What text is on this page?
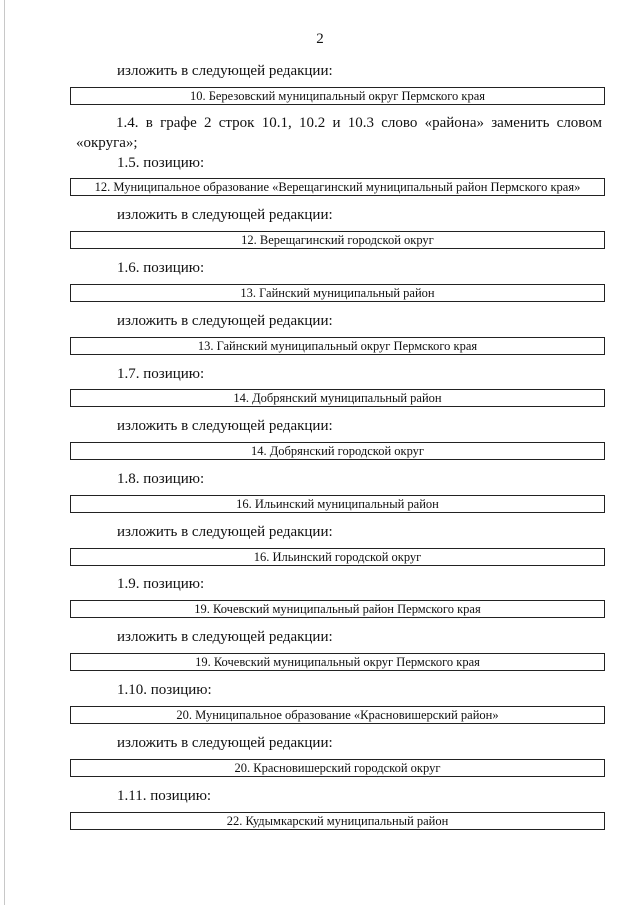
2
изложить в следующей редакции:
10. Березовский муниципальный округ Пермского края
1.4. в графе 2 строк 10.1, 10.2 и 10.3 слово «района» заменить словом «округа»;
1.5. позицию:
12. Муниципальное образование «Верещагинский муниципальный район Пермского края»
изложить в следующей редакции:
12. Верещагинский городской округ
1.6. позицию:
13. Гайнский муниципальный район
изложить в следующей редакции:
13. Гайнский муниципальный округ Пермского края
1.7. позицию:
14. Добрянский муниципальный район
изложить в следующей редакции:
14. Добрянский городской округ
1.8. позицию:
16. Ильинский муниципальный район
изложить в следующей редакции:
16. Ильинский городской округ
1.9. позицию:
19. Кочевский муниципальный район Пермского края
изложить в следующей редакции:
19. Кочевский муниципальный округ Пермского края
1.10. позицию:
20. Муниципальное образование «Красновишерский район»
изложить в следующей редакции:
20. Красновишерский городской округ
1.11. позицию:
22. Кудымкарский муниципальный район
